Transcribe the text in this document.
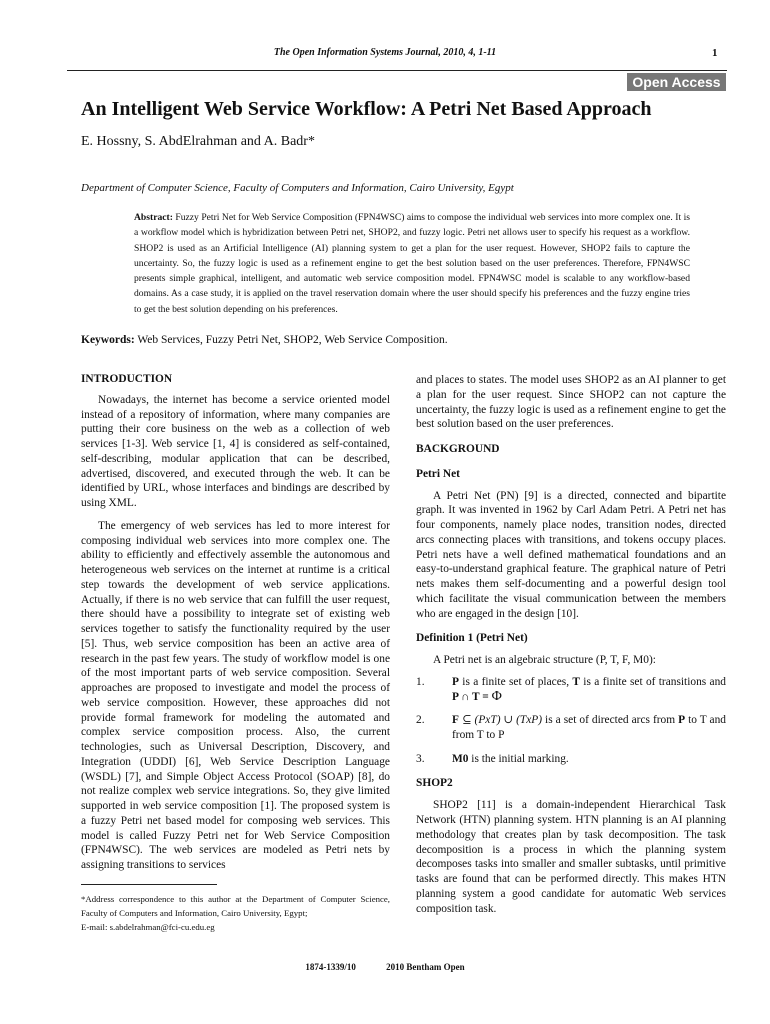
The Open Information Systems Journal, 2010, 4, 1-11	1
Open Access
An Intelligent Web Service Workflow: A Petri Net Based Approach
E. Hossny, S. AbdElrahman and A. Badr*
Department of Computer Science, Faculty of Computers and Information, Cairo University, Egypt
Abstract: Fuzzy Petri Net for Web Service Composition (FPN4WSC) aims to compose the individual web services into more complex one. It is a workflow model which is hybridization between Petri net, SHOP2, and fuzzy logic. Petri net allows user to specify his request as a workflow. SHOP2 is used as an Artificial Intelligence (AI) planning system to get a plan for the user request. However, SHOP2 fails to capture the uncertainty. So, the fuzzy logic is used as a refinement engine to get the best solution based on the user preferences. Therefore, FPN4WSC presents simple graphical, intelligent, and automatic web service composition model. FPN4WSC model is scalable to any workflow-based domains. As a case study, it is applied on the travel reservation domain where the user should specify his preferences and the fuzzy engine tries to get the best solution depending on his preferences.
Keywords: Web Services, Fuzzy Petri Net, SHOP2, Web Service Composition.
INTRODUCTION

Nowadays, the internet has become a service oriented model instead of a repository of information, where many companies are putting their core business on the web as a collection of web services [1-3]. Web service [1, 4] is considered as self-contained, self-describing, modular application that can be described, advertised, discovered, and executed through the web. It can be identified by URL, whose interfaces and bindings are described by using XML.

The emergency of web services has led to more interest for composing individual web services into more complex one. The ability to efficiently and effectively assemble the autonomous and heterogeneous web services on the internet at runtime is a critical step towards the development of web service applications. Actually, if there is no web service that can fulfill the user request, there should have a possibility to integrate set of existing web services together to satisfy the functionality required by the user [5]. Thus, web service composition has been an active area of research in the past few years. The study of workflow model is one of the most important parts of web service composition. Several approaches are proposed to investigate and model the process of web service composition. However, these approaches did not provide formal framework for modeling the automated and complex service composition process. Also, the current technologies, such as Universal Description, Discovery, and Integration (UDDI) [6], Web Service Description Language (WSDL) [7], and Simple Object Access Protocol (SOAP) [8], do not realize complex web service integrations. So, they give limited supported in web service composition [1]. The proposed system is a fuzzy Petri net based model for composing web services. This model is called Fuzzy Petri net for Web Service Composition (FPN4WSC). The web services are modeled as Petri nets by assigning transitions to services

and places to states. The model uses SHOP2 as an AI planner to get a plan for the user request. Since SHOP2 can not capture the uncertainty, the fuzzy logic is used as a refinement engine to get the best solution based on the user preferences.

BACKGROUND
Petri Net

A Petri Net (PN) [9] is a directed, connected and bipartite graph. It was invented in 1962 by Carl Adam Petri. A Petri net has four components, namely place nodes, transition nodes, directed arcs connecting places with transitions, and tokens occupy places. Petri nets have a well defined mathematical foundations and an easy-to-understand graphical feature. The graphical nature of Petri nets makes them self-documenting and a powerful design tool which facilitate the visual communication between the members who are engaged in the design [10].

Definition 1 (Petri Net)

A Petri net is an algebraic structure (P, T, F, M0):

1.	P is a finite set of places, T is a finite set of transitions and P ∩ T = Φ
2.	F ⊆ (PxT) ∪ (TxP) is a set of directed arcs from P to T and from T to P
3.	M0 is the initial marking.
SHOP2

SHOP2 [11] is a domain-independent Hierarchical Task Network (HTN) planning system. HTN planning is an AI planning methodology that creates plan by task decomposition. The task decomposition is a process in which the planning system decomposes tasks into smaller and smaller subtasks, until primitive tasks are found that can be performed directly. This makes HTN planning system a good candidate for automatic Web services composition task.

*Address correspondence to this author at the Department of Computer Science, Faculty of Computers and Information, Cairo University, Egypt;
E-mail: s.abdelrahman@fci-cu.edu.eg
1874-1339/10	2010 Bentham Open
